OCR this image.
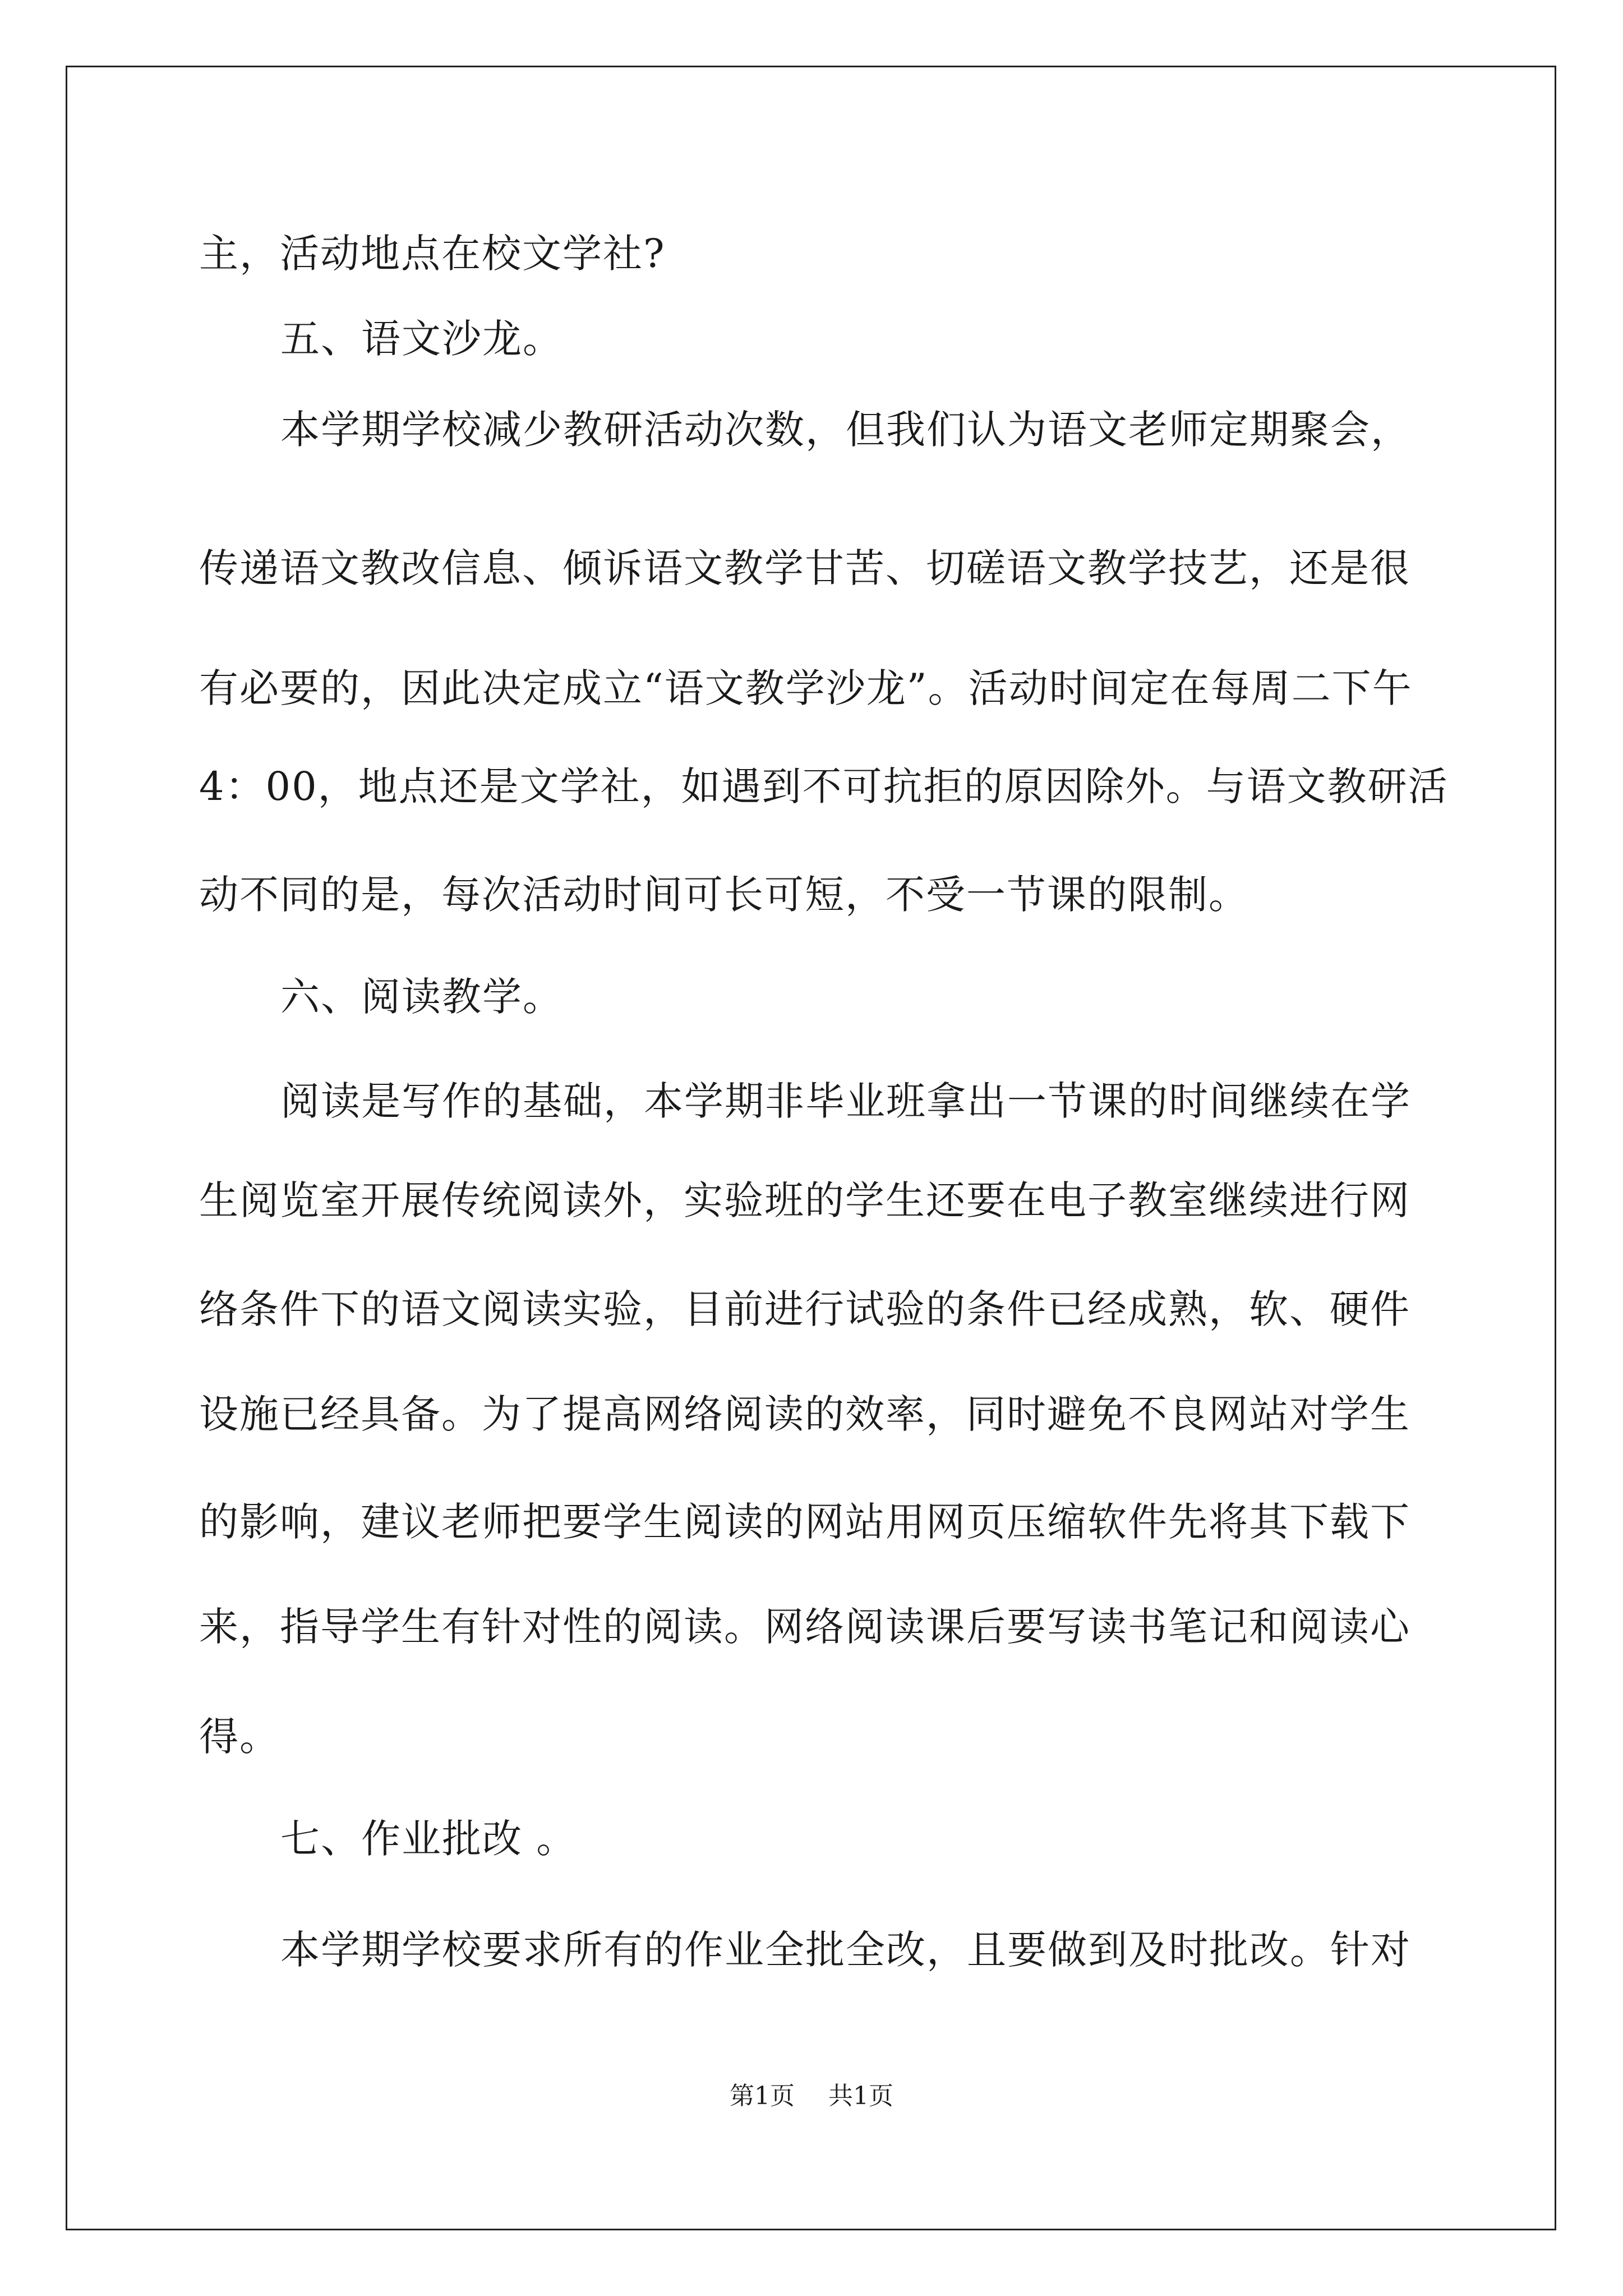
主，活动地点在校文学社?
五、语文沙龙。
本学期学校减少教研活动次数，但我们认为语文老师定期聚会，
传递语文教改信息、倾诉语文教学甘苦、切磋语文教学技艺，还是很
有必要的，因此决定成立“语文教学沙龙”。活动时间定在每周二下午
4：00，地点还是文学社，如遇到不可抗拒的原因除外。与语文教研活
动不同的是，每次活动时间可长可短，不受一节课的限制。
六、阅读教学。
阅读是写作的基础，本学期非毕业班拿出一节课的时间继续在学
生阅览室开展传统阅读外，实验班的学生还要在电子教室继续进行网
络条件下的语文阅读实验，目前进行试验的条件已经成熟，软、硬件
设施已经具备。为了提高网络阅读的效率，同时避免不良网站对学生
的影响，建议老师把要学生阅读的网站用网页压缩软件先将其下载下
来，指导学生有针对性的阅读。网络阅读课后要写读书笔记和阅读心
得。
七、作业批改 。
本学期学校要求所有的作业全批全改，且要做到及时批改。针对
第1页 共1页
